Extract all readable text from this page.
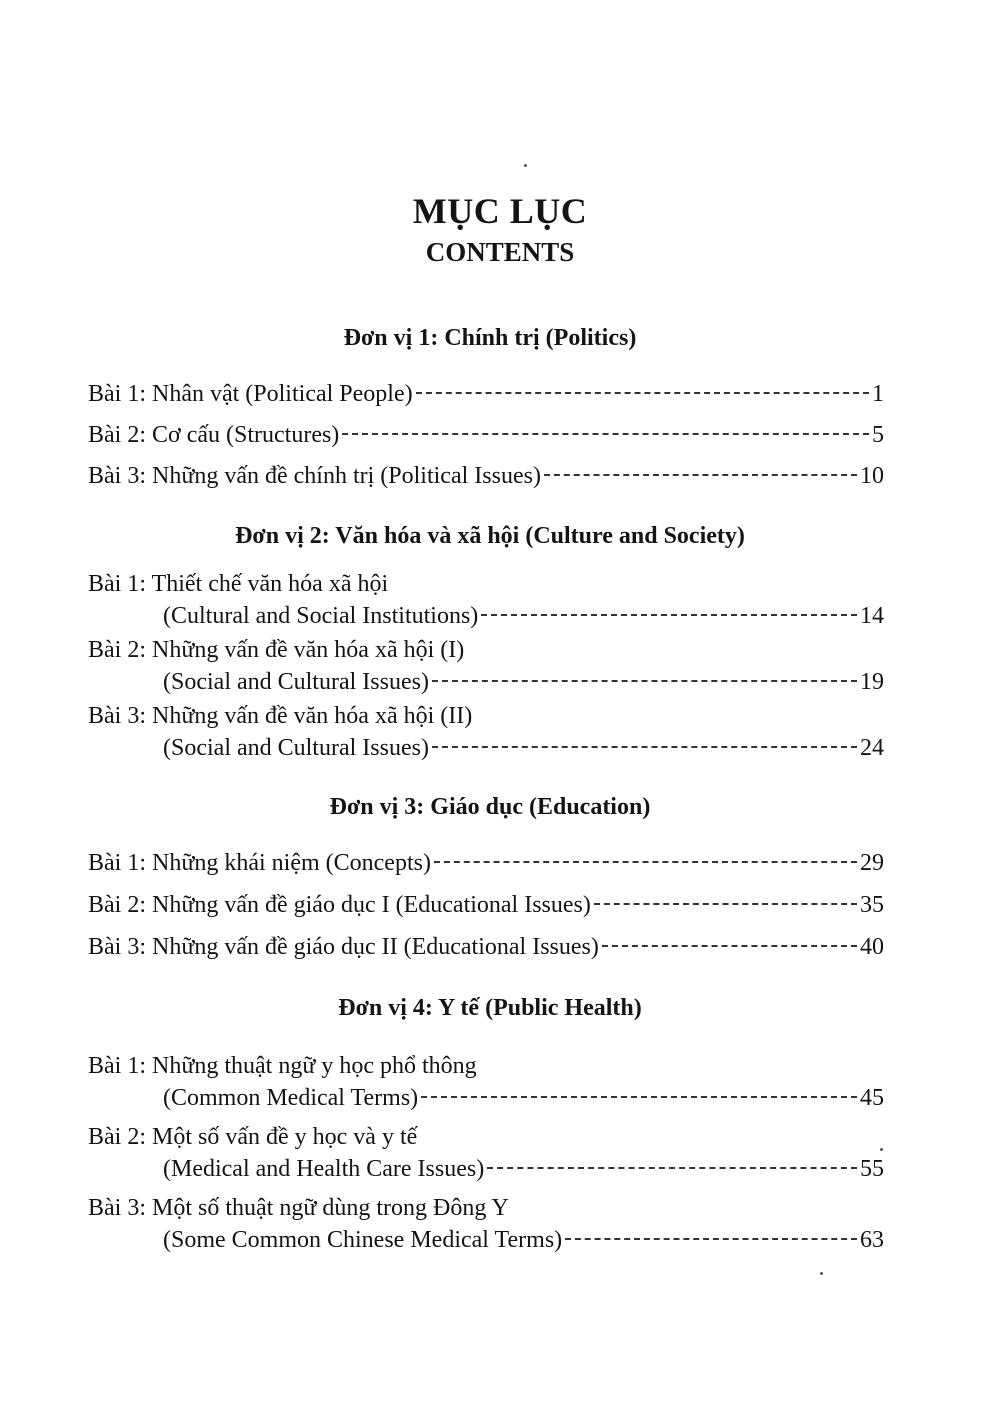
MỤC LỤC
CONTENTS
Đơn vị 1: Chính trị (Politics)
Bài 1: Nhân vật (Political People)	1
Bài 2: Cơ cấu (Structures)	5
Bài 3: Những vấn đề chính trị (Political Issues)	10
Đơn vị 2: Văn hóa và xã hội (Culture and Society)
Bài 1: Thiết chế văn hóa xã hội
(Cultural and Social Institutions)	14
Bài 2: Những vấn đề văn hóa xã hội (I)
(Social and Cultural Issues)	19
Bài 3: Những vấn đề văn hóa xã hội (II)
(Social and Cultural Issues)	24
Đơn vị 3: Giáo dục (Education)
Bài 1: Những khái niệm (Concepts)	29
Bài 2: Những vấn đề giáo dục I (Educational Issues)	35
Bài 3: Những vấn đề giáo dục II (Educational Issues)	40
Đơn vị 4: Y tế (Public Health)
Bài 1: Những thuật ngữ y học phổ thông
(Common Medical Terms)	45
Bài 2: Một số vấn đề y học và y tế
(Medical and Health Care Issues)	55
Bài 3: Một số thuật ngữ dùng trong Đông Y
(Some Common Chinese Medical Terms)	63
